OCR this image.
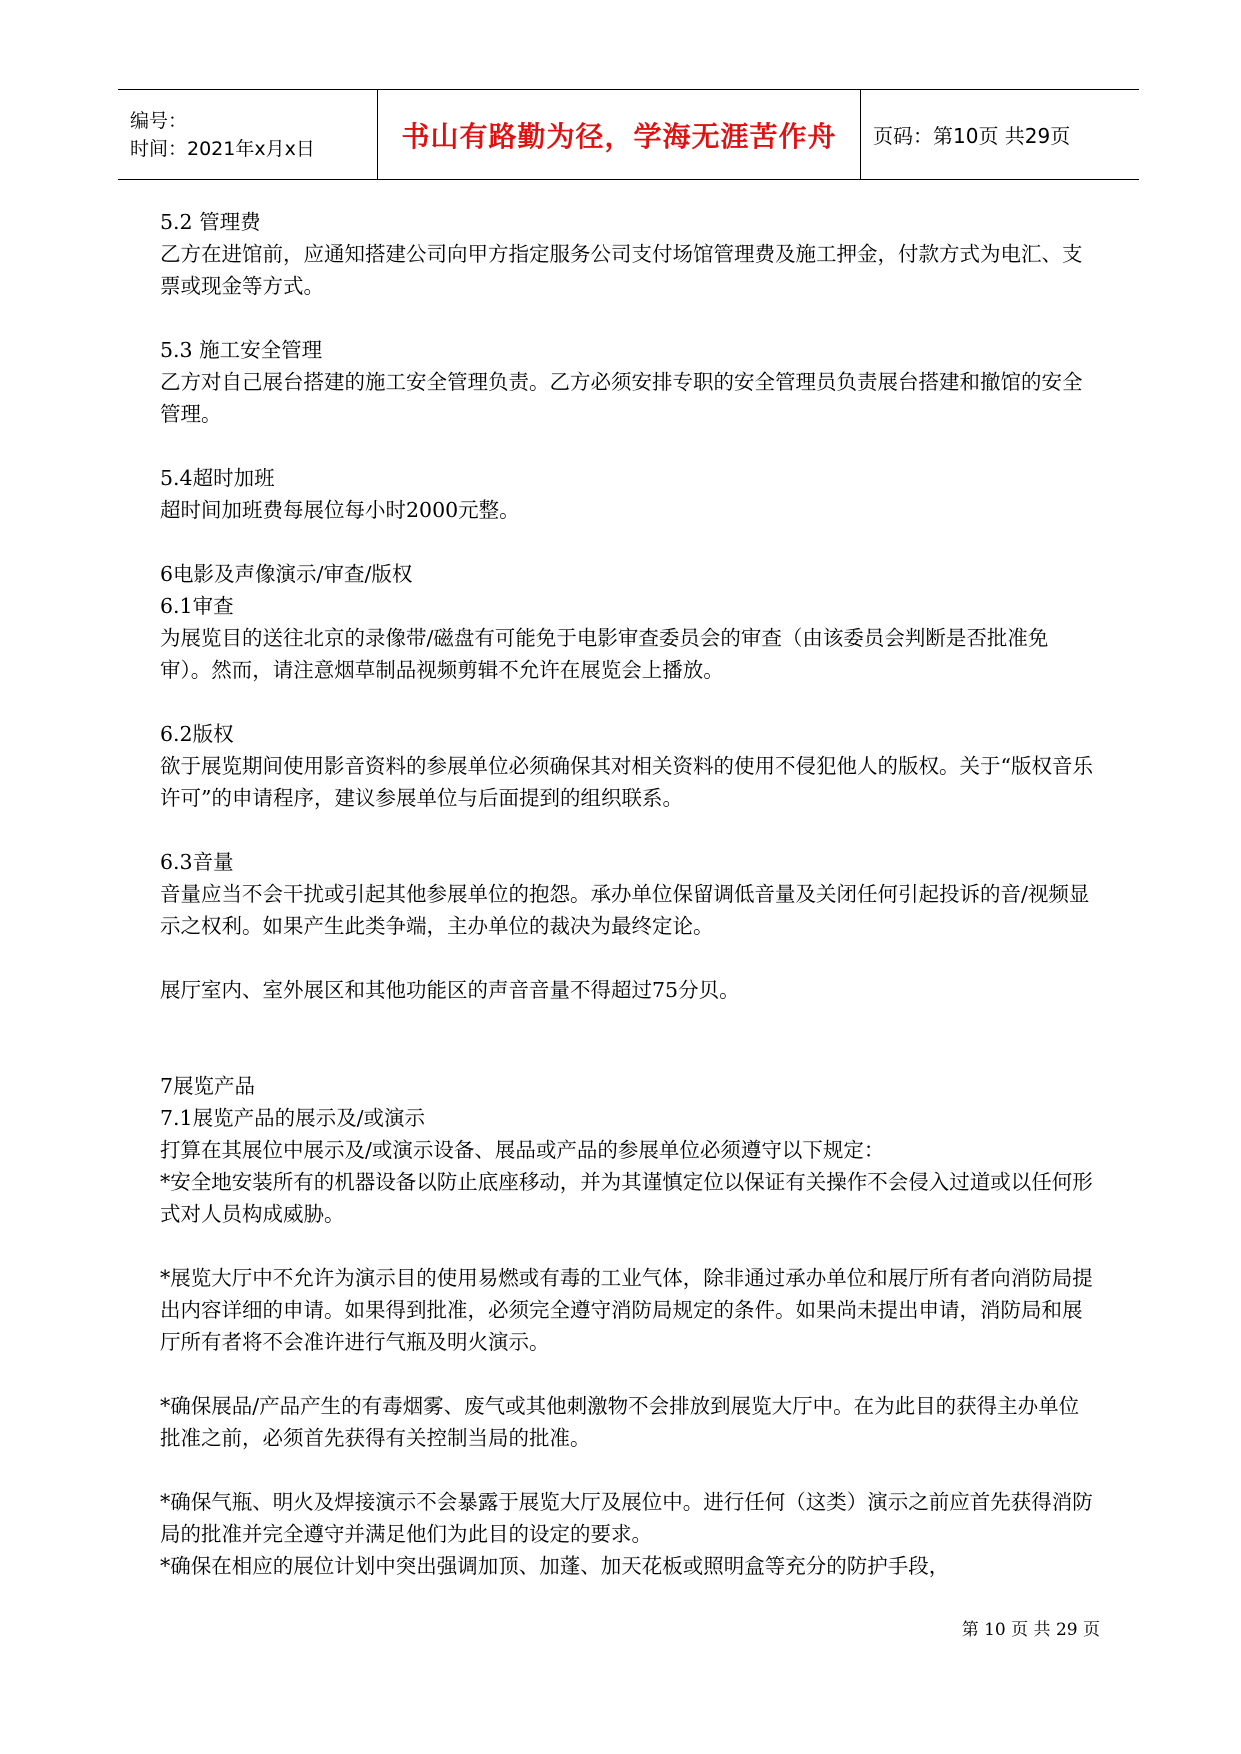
编号：
时间：2021年x月x日	书山有路勤为径，学海无涯苦作舟	页码：第10页 共29页

5.2 管理费

乙方在进馆前，应通知搭建公司向甲方指定服务公司支付场馆管理费及施工押金，付款方式为电汇、支票或现金等方式。

5.3 施工安全管理

乙方对自己展台搭建的施工安全管理负责。乙方必须安排专职的安全管理员负责展台搭建和撤馆的安全管理。

5.4超时加班

超时间加班费每展位每小时2000元整。

6电影及声像演示/审查/版权

6.1审查

为展览目的送往北京的录像带/磁盘有可能免于电影审查委员会的审查（由该委员会判断是否批准免审）。然而，请注意烟草制品视频剪辑不允许在展览会上播放。

6.2版权

欲于展览期间使用影音资料的参展单位必须确保其对相关资料的使用不侵犯他人的版权。关于“版权音乐许可”的申请程序，建议参展单位与后面提到的组织联系。

6.3音量

音量应当不会干扰或引起其他参展单位的抱怨。承办单位保留调低音量及关闭任何引起投诉的音/视频显示之权利。如果产生此类争端，主办单位的裁决为最终定论。

展厅室内、室外展区和其他功能区的声音音量不得超过75分贝。

7展览产品

7.1展览产品的展示及/或演示

打算在其展位中展示及/或演示设备、展品或产品的参展单位必须遵守以下规定：

*安全地安装所有的机器设备以防止底座移动，并为其谨慎定位以保证有关操作不会侵入过道或以任何形式对人员构成威胁。

*展览大厅中不允许为演示目的使用易燃或有毒的工业气体，除非通过承办单位和展厅所有者向消防局提出内容详细的申请。如果得到批准，必须完全遵守消防局规定的条件。如果尚未提出申请，消防局和展厅所有者将不会准许进行气瓶及明火演示。

*确保展品/产品产生的有毒烟雾、废气或其他刺激物不会排放到展览大厅中。在为此目的获得主办单位批准之前，必须首先获得有关控制当局的批准。

*确保气瓶、明火及焊接演示不会暴露于展览大厅及展位中。进行任何（这类）演示之前应首先获得消防局的批准并完全遵守并满足他们为此目的设定的要求。

*确保在相应的展位计划中突出强调加顶、加蓬、加天花板或照明盒等充分的防护手段，

第 10 页 共 29 页
